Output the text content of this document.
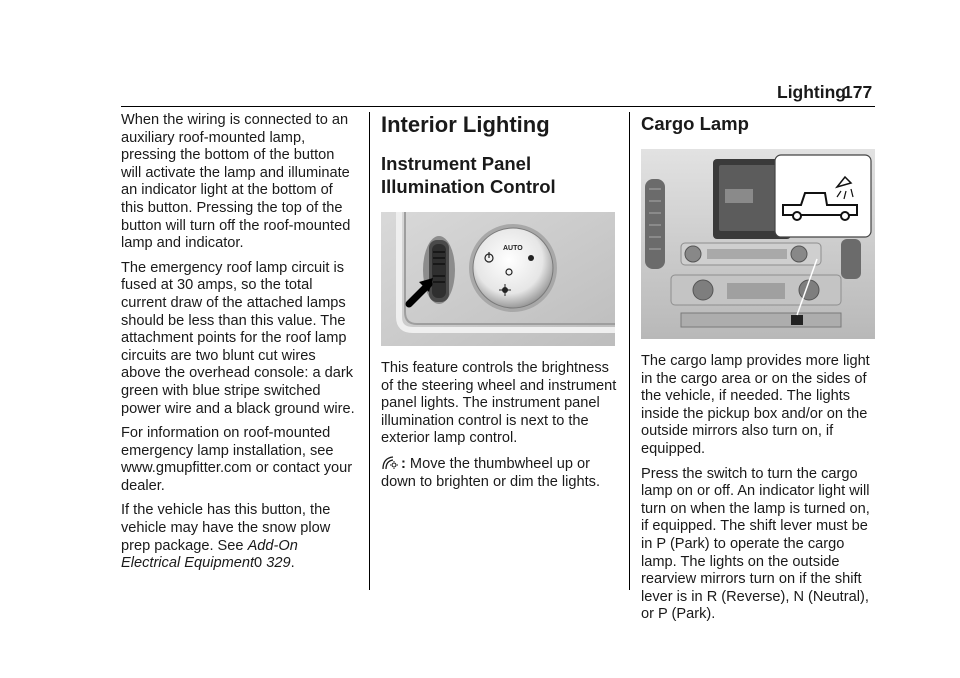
Lighting
177

When the wiring is connected to an auxiliary roof-mounted lamp, pressing the bottom of the button will activate the lamp and illuminate an indicator light at the bottom of this button. Pressing the top of the button will turn off the roof-mounted lamp and indicator.

The emergency roof lamp circuit is fused at 30 amps, so the total current draw of the attached lamps should be less than this value. The attachment points for the roof lamp circuits are two blunt cut wires above the overhead console: a dark green with blue stripe switched power wire and a black ground wire.

For information on roof-mounted emergency lamp installation, see www.gmupfitter.com or contact your dealer.

If the vehicle has this button, the vehicle may have the snow plow prep package. See Add-On Electrical Equipment0 329.

Interior Lighting
Instrument Panel Illumination Control
AUTO

This feature controls the brightness of the steering wheel and instrument panel lights. The instrument panel illumination control is next to the exterior lamp control.

: Move the thumbwheel up or down to brighten or dim the lights.

Cargo Lamp

The cargo lamp provides more light in the cargo area or on the sides of the vehicle, if needed. The lights inside the pickup box and/or on the outside mirrors also turn on, if equipped.

Press the switch to turn the cargo lamp on or off. An indicator light will turn on when the lamp is turned on, if equipped. The shift lever must be in P (Park) to operate the cargo lamp. The lights on the outside rearview mirrors turn on if the shift lever is in R (Reverse), N (Neutral), or P (Park).
